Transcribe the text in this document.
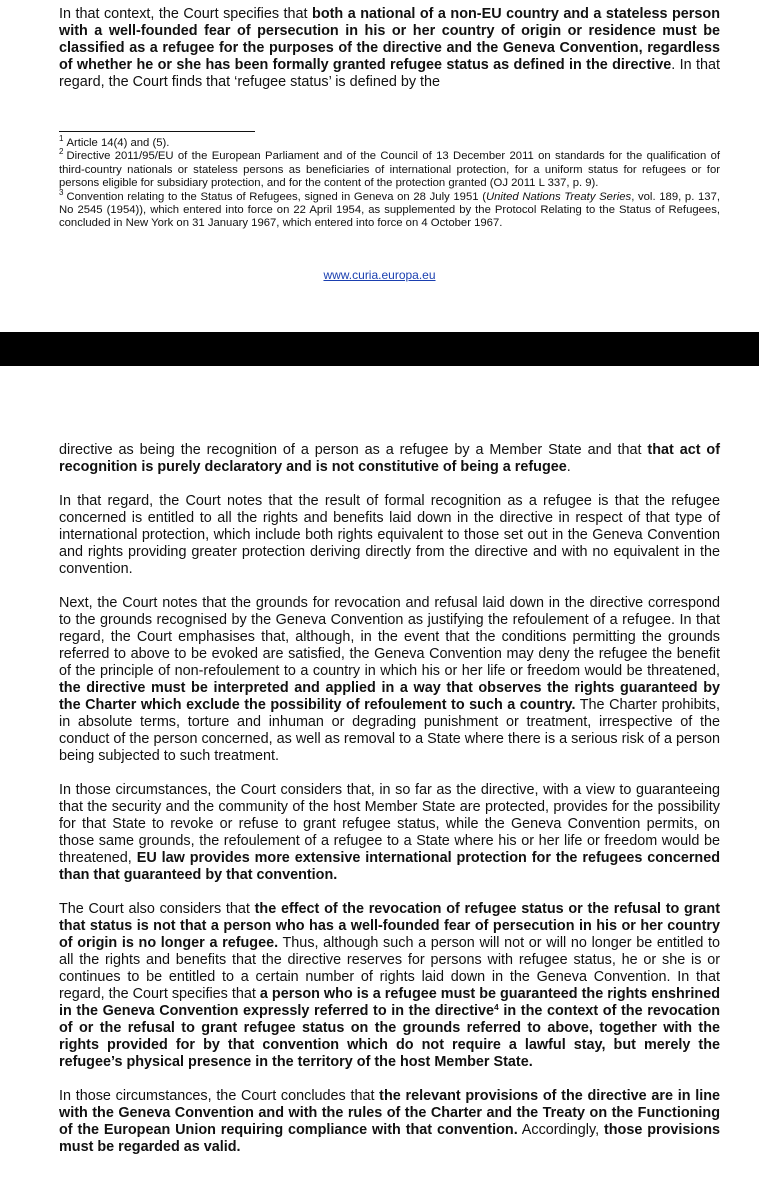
In that context, the Court specifies that both a national of a non-EU country and a stateless person with a well-founded fear of persecution in his or her country of origin or residence must be classified as a refugee for the purposes of the directive and the Geneva Convention, regardless of whether he or she has been formally granted refugee status as defined in the directive. In that regard, the Court finds that ‘refugee status’ is defined by the

$^1$ Article 14(4) and (5).

$^2$ Directive 2011/95/EU of the European Parliament and of the Council of 13 December 2011 on standards for the qualification of third-country nationals or stateless persons as beneficiaries of international protection, for a uniform status for refugees or for persons eligible for subsidiary protection, and for the content of the protection granted (OJ 2011 L 337, p. 9).

$^3$ Convention relating to the Status of Refugees, signed in Geneva on 28 July 1951 (United Nations Treaty Series, vol. 189, p. 137, No 2545 (1954)), which entered into force on 22 April 1954, as supplemented by the Protocol Relating to the Status of Refugees, concluded in New York on 31 January 1967, which entered into force on 4 October 1967.

www.curia.europa.eu

directive as being the recognition of a person as a refugee by a Member State and that that act of recognition is purely declaratory and is not constitutive of being a refugee.

In that regard, the Court notes that the result of formal recognition as a refugee is that the refugee concerned is entitled to all the rights and benefits laid down in the directive in respect of that type of international protection, which include both rights equivalent to those set out in the Geneva Convention and rights providing greater protection deriving directly from the directive and with no equivalent in the convention.

Next, the Court notes that the grounds for revocation and refusal laid down in the directive correspond to the grounds recognised by the Geneva Convention as justifying the refoulement of a refugee. In that regard, the Court emphasises that, although, in the event that the conditions permitting the grounds referred to above to be evoked are satisfied, the Geneva Convention may deny the refugee the benefit of the principle of non-refoulement to a country in which his or her life or freedom would be threatened, the directive must be interpreted and applied in a way that observes the rights guaranteed by the Charter which exclude the possibility of refoulement to such a country. The Charter prohibits, in absolute terms, torture and inhuman or degrading punishment or treatment, irrespective of the conduct of the person concerned, as well as removal to a State where there is a serious risk of a person being subjected to such treatment.

In those circumstances, the Court considers that, in so far as the directive, with a view to guaranteeing that the security and the community of the host Member State are protected, provides for the possibility for that State to revoke or refuse to grant refugee status, while the Geneva Convention permits, on those same grounds, the refoulement of a refugee to a State where his or her life or freedom would be threatened, EU law provides more extensive international protection for the refugees concerned than that guaranteed by that convention.

The Court also considers that the effect of the revocation of refugee status or the refusal to grant that status is not that a person who has a well-founded fear of persecution in his or her country of origin is no longer a refugee. Thus, although such a person will not or will no longer be entitled to all the rights and benefits that the directive reserves for persons with refugee status, he or she is or continues to be entitled to a certain number of rights laid down in the Geneva Convention. In that regard, the Court specifies that a person who is a refugee must be guaranteed the rights enshrined in the Geneva Convention expressly referred to in the directive$^4$ in the context of the revocation of or the refusal to grant refugee status on the grounds referred to above, together with the rights provided for by that convention which do not require a lawful stay, but merely the refugee’s physical presence in the territory of the host Member State.

In those circumstances, the Court concludes that the relevant provisions of the directive are in line with the Geneva Convention and with the rules of the Charter and the Treaty on the Functioning of the European Union requiring compliance with that convention. Accordingly, those provisions must be regarded as valid.
